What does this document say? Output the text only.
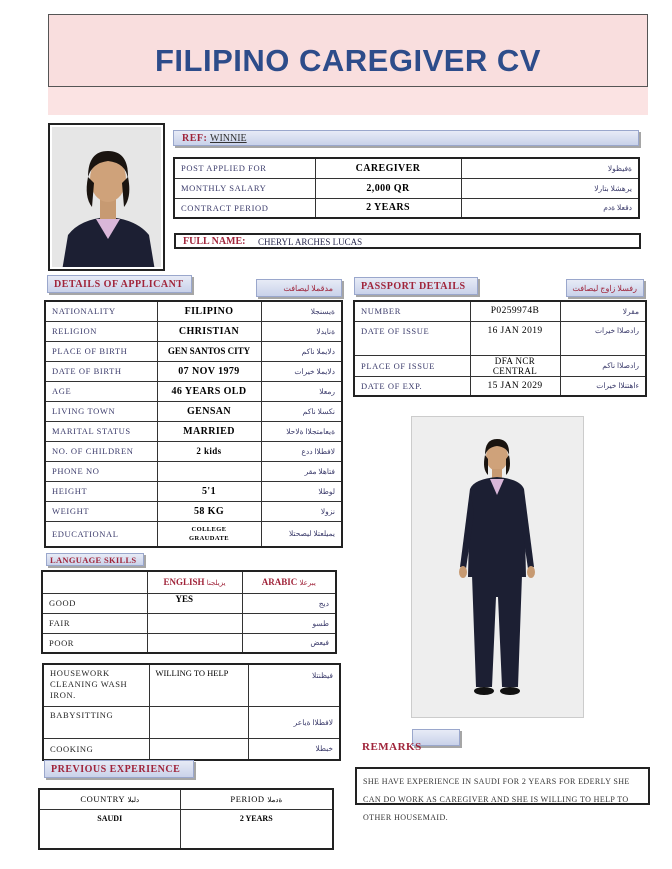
FILIPINO CAREGIVER CV
REF: WINNIE
POST APPLIED FOR	CAREGIVER	ةفيظولا
MONTHLY SALARY	2,000 QR	يرهشلا بتارلا
CONTRACT PERIOD	2 YEARS	دقعلا ةدم
FULL NAME: CHERYL ARCHES LUCAS
DETAILS OF APPLICANT	مدقملا ليصافت
NATIONALITY	FILIPINO	ةيسنجلا
RELIGION	CHRISTIAN	ةنايدلا
PLACE OF BIRTH	GEN SANTOS CITY	دلايملا ناكم
DATE OF BIRTH	07 NOV 1979	دلايملا خيرات
AGE	46 YEARS OLD	رمعلا
LIVING TOWN	GENSAN	نكسلا ناكم
MARITAL STATUS	MARRIED	ةيعامتجلاا ةلاحلا
NO. OF CHILDREN	2 kids	لافطلاا ددع
PHONE NO		فتاهلا مقر
HEIGHT	5'1	لوطلا
WEIGHT	58 KG	نزولا
EDUCATIONAL	COLLEGE GRAUDATE	يميلعتلا ليصحتلا
PASSPORT DETAILS	رفسلا زاوج ليصافت
NUMBER	P0259974B	مقرلا
DATE OF ISSUE	16 JAN 2019	رادصلاا خيرات
PLACE OF ISSUE	DFA NCR CENTRAL	رادصلاا ناكم
DATE OF EXP.	15 JAN 2029	ءاهتنلاا خيرات
LANGUAGE SKILLS
	ENGLISH يزيلجنا	ARABIC يبرعلا
GOOD	YES	ديج
FAIR		طسو
POOR		فيعض
HOUSEWORK CLEANING WASH IRON.	WILLING TO HELP	فيظنتلا
BABYSITTING		لافطلاا ةياعر
COOKING		خبطلا
PREVIOUS EXPERIENCE
COUNTRY دلبلا	PERIOD ةدملا
SAUDI	2 YEARS
REMARKS
SHE HAVE EXPERIENCE IN SAUDI FOR 2 YEARS FOR EDERLY SHE CAN DO WORK AS CAREGIVER AND SHE IS WILLING TO HELP TO OTHER HOUSEMAID.
